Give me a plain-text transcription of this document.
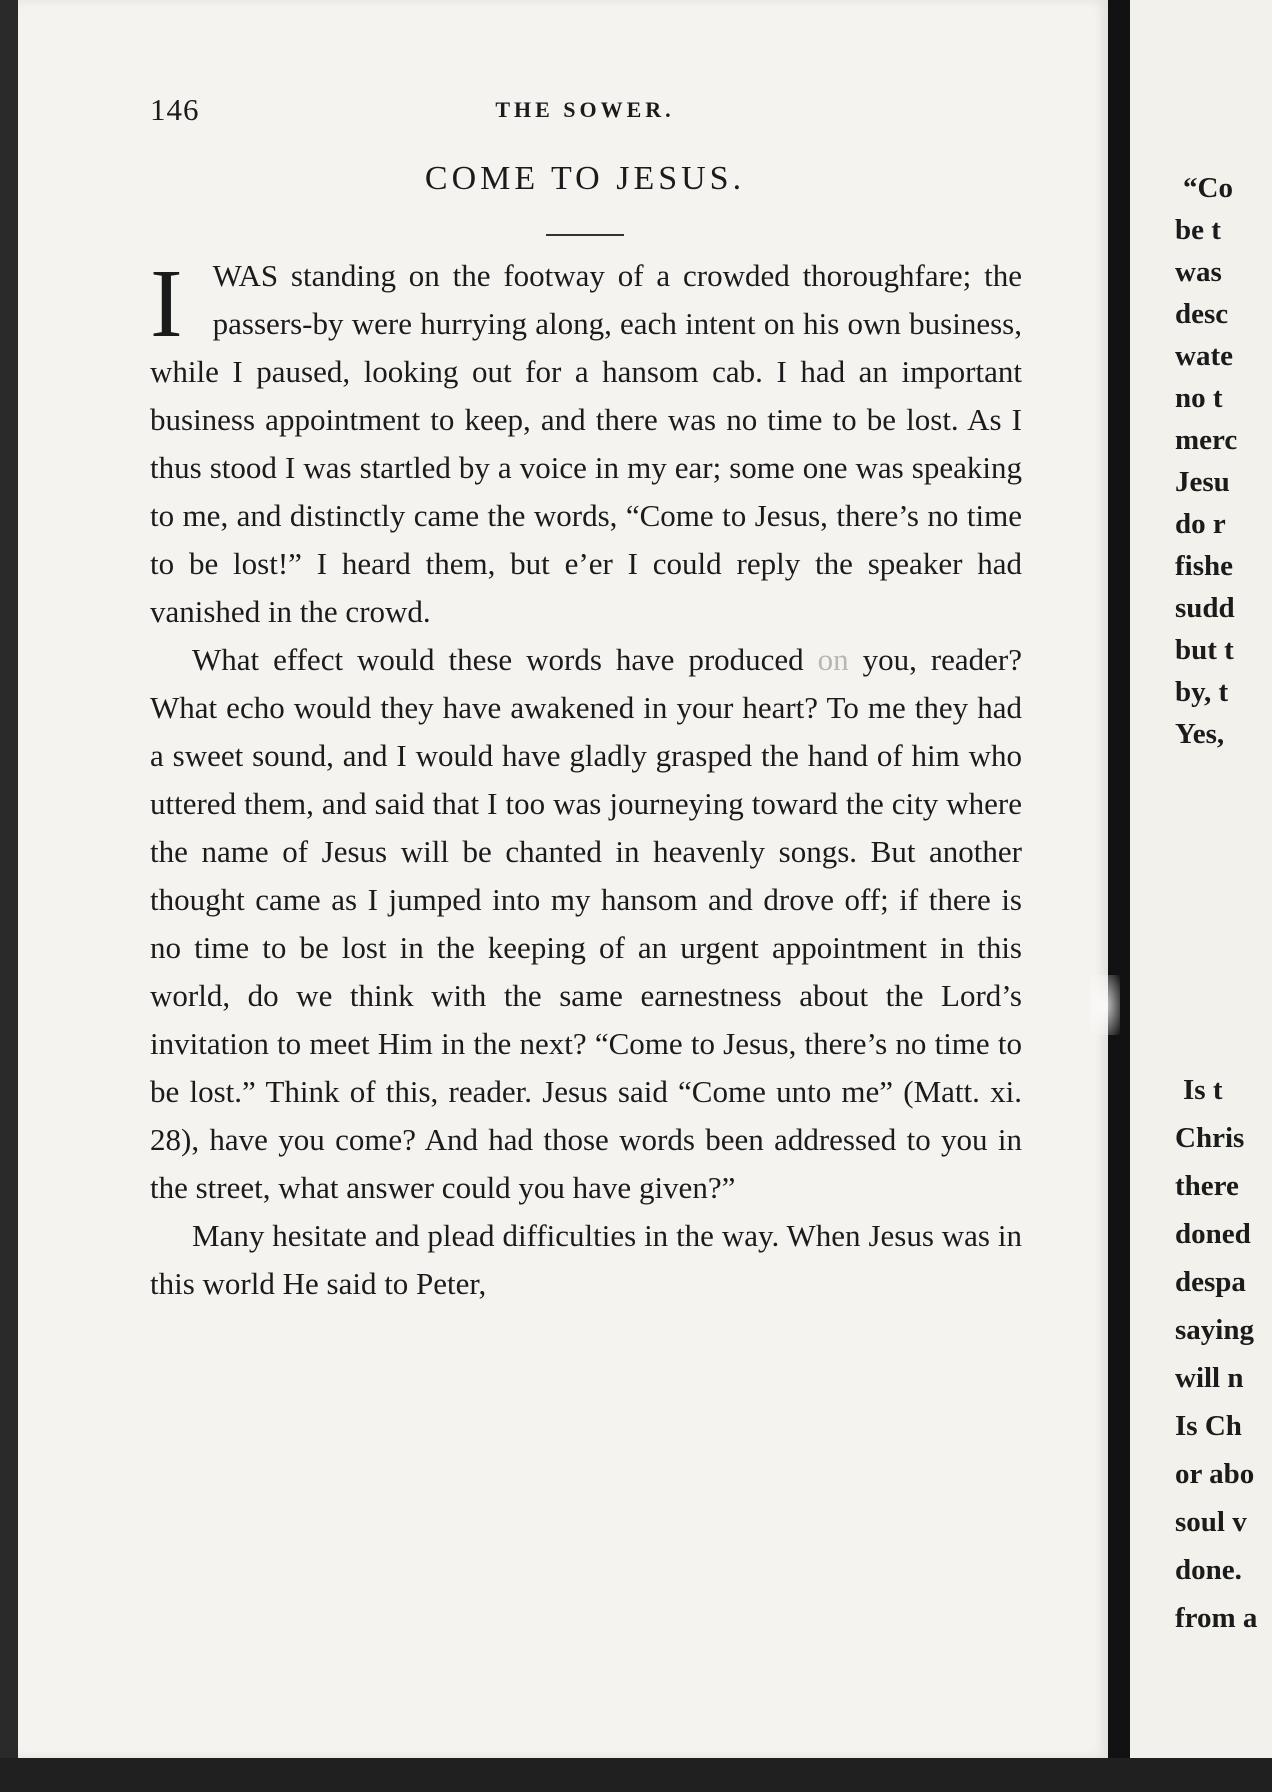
146	THE SOWER.
COME TO JESUS.

I WAS standing on the footway of a crowded thoroughfare; the passers-by were hurrying along, each intent on his own business, while I paused, looking out for a hansom cab. I had an important business appointment to keep, and there was no time to be lost. As I thus stood I was startled by a voice in my ear; some one was speaking to me, and distinctly came the words, “Come to Jesus, there’s no time to be lost!” I heard them, but e’er I could reply the speaker had vanished in the crowd.

What effect would these words have produced on you, reader? What echo would they have awakened in your heart? To me they had a sweet sound, and I would have gladly grasped the hand of him who uttered them, and said that I too was journeying toward the city where the name of Jesus will be chanted in heavenly songs. But another thought came as I jumped into my hansom and drove off; if there is no time to be lost in the keeping of an urgent appointment in this world, do we think with the same earnestness about the Lord’s invitation to meet Him in the next? “Come to Jesus, there’s no time to be lost.” Think of this, reader. Jesus said “Come unto me” (Matt. xi. 28), have you come? And had those words been addressed to you in the street, what answer could you have given?”

Many hesitate and plead difficulties in the way. When Jesus was in this world He said to Peter,

“Co
be t
was
desc
wate
no t
merc
Jesu
do r
fishe
sudd
but t
by, t
Yes,
Is t
Chris
there
doned
despa
saying
will n
Is Ch
or abo
soul v
done.
from a
